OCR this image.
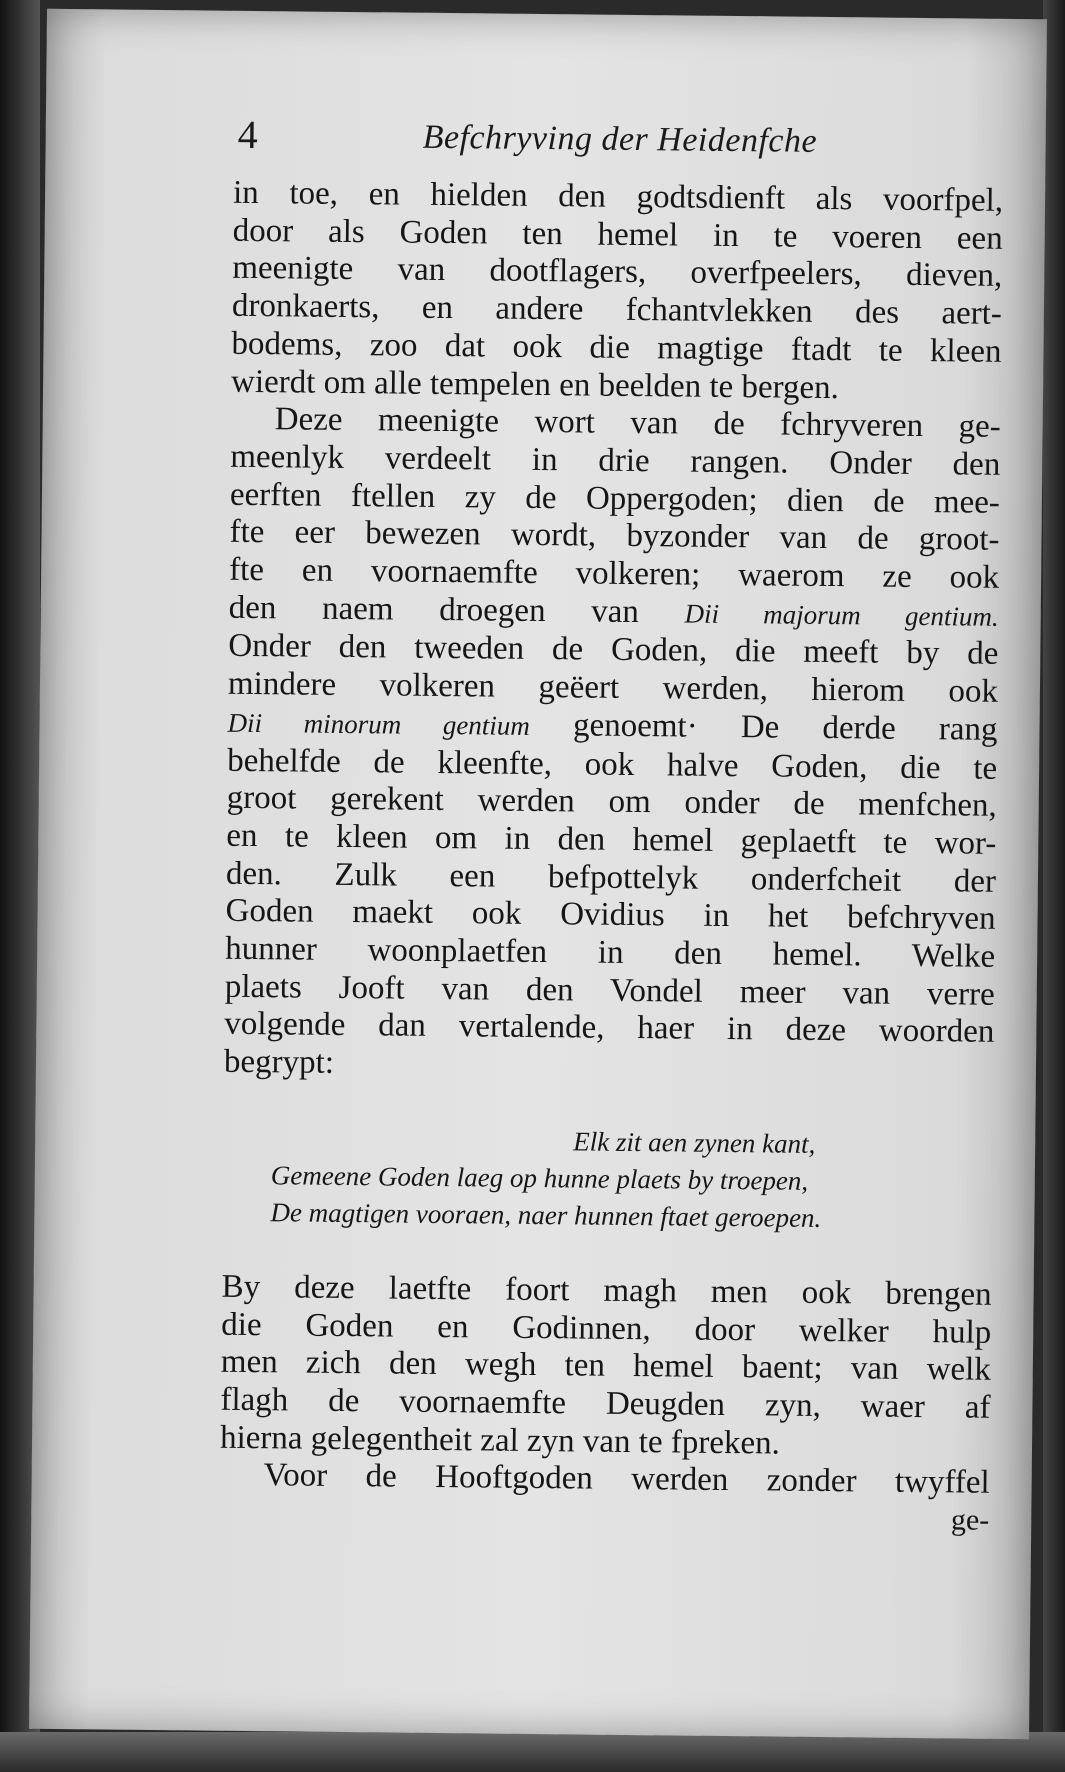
4	Befchryving der Heidenfche
in toe, en hielden den godtsdienft als voorfpel,
door als Goden ten hemel in te voeren een
meenigte van dootflagers, overfpeelers, dieven,
dronkaerts, en andere fchantvlekken des aert-
bodems, zoo dat ook die magtige ftadt te kleen
wierdt om alle tempelen en beelden te bergen.
Deze meenigte wort van de fchryveren ge-
meenlyk verdeelt in drie rangen. Onder den
eerften ftellen zy de Oppergoden; dien de mee-
fte eer bewezen wordt, byzonder van de groot-
fte en voornaemfte volkeren; waerom ze ook
den naem droegen van Dii majorum gentium.
Onder den tweeden de Goden, die meeft by de
mindere volkeren geëert werden, hierom ook
Dii minorum gentium genoemt· De derde rang
behelfde de kleenfte, ook halve Goden, die te
groot gerekent werden om onder de menfchen,
en te kleen om in den hemel geplaetft te wor-
den. Zulk een befpottelyk onderfcheit der
Goden maekt ook Ovidius in het befchryven
hunner woonplaetfen in den hemel. Welke
plaets Jooft van den Vondel meer van verre
volgende dan vertalende, haer in deze woorden
begrypt:
Elk zit aen zynen kant,
Gemeene Goden laeg op hunne plaets by troepen,
De magtigen vooraen, naer hunnen ftaet geroepen.
By deze laetfte foort magh men ook brengen
die Goden en Godinnen, door welker hulp
men zich den wegh ten hemel baent; van welk
flagh de voornaemfte Deugden zyn, waer af
hierna gelegentheit zal zyn van te fpreken.
Voor de Hooftgoden werden zonder twyffel
ge-
